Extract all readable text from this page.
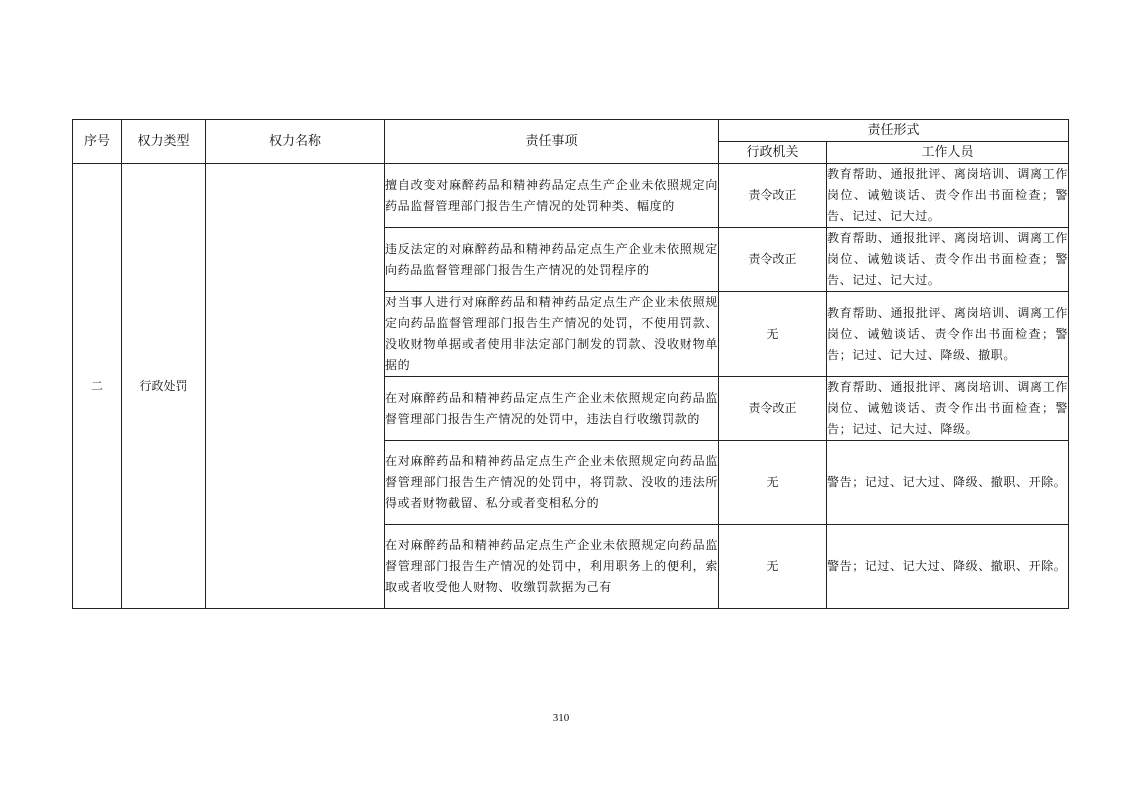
序号	权力类型	权力名称	责任事项	责任形式	
				行政机关	工作人员
二	行政处罚		擅自改变对麻醉药品和精神药品定点生产企业未依照规定向药品监督管理部门报告生产情况的处罚种类、幅度的	责令改正	教育帮助、通报批评、离岗培训、调离工作岗位、诫勉谈话、责令作出书面检查；警告、记过、记大过。
			违反法定的对麻醉药品和精神药品定点生产企业未依照规定向药品监督管理部门报告生产情况的处罚程序的	责令改正	教育帮助、通报批评、离岗培训、调离工作岗位、诫勉谈话、责令作出书面检查；警告、记过、记大过。
			对当事人进行对麻醉药品和精神药品定点生产企业未依照规定向药品监督管理部门报告生产情况的处罚，不使用罚款、没收财物单据或者使用非法定部门制发的罚款、没收财物单据的	无	教育帮助、通报批评、离岗培训、调离工作岗位、诫勉谈话、责令作出书面检查；警告；记过、记大过、降级、撤职。
			在对麻醉药品和精神药品定点生产企业未依照规定向药品监督管理部门报告生产情况的处罚中，违法自行收缴罚款的	责令改正	教育帮助、通报批评、离岗培训、调离工作岗位、诫勉谈话、责令作出书面检查；警告；记过、记大过、降级。
			在对麻醉药品和精神药品定点生产企业未依照规定向药品监督管理部门报告生产情况的处罚中，将罚款、没收的违法所得或者财物截留、私分或者变相私分的	无	警告；记过、记大过、降级、撤职、开除。
			在对麻醉药品和精神药品定点生产企业未依照规定向药品监督管理部门报告生产情况的处罚中，利用职务上的便利，索取或者收受他人财物、收缴罚款据为己有	无	警告；记过、记大过、降级、撤职、开除。
310
